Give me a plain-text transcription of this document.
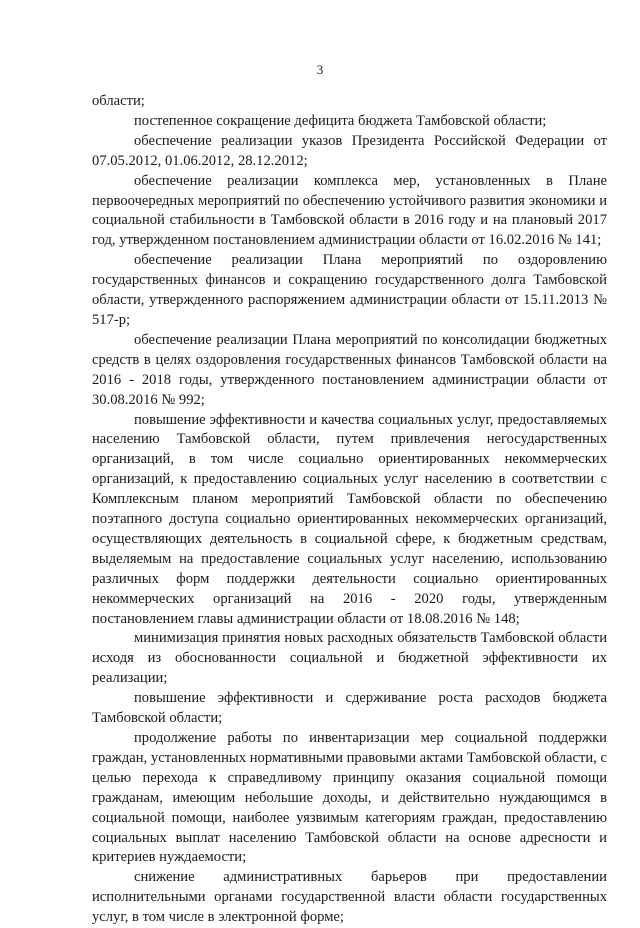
3

области;

постепенное сокращение дефицита бюджета Тамбовской области;

обеспечение реализации указов Президента Российской Федерации от 07.05.2012, 01.06.2012, 28.12.2012;

обеспечение реализации комплекса мер, установленных в Плане первоочередных мероприятий по обеспечению устойчивого развития экономики и социальной стабильности в Тамбовской области в 2016 году и на плановый 2017 год, утвержденном постановлением администрации области от 16.02.2016 № 141;

обеспечение реализации Плана мероприятий по оздоровлению государственных финансов и сокращению государственного долга Тамбовской области, утвержденного распоряжением администрации области от 15.11.2013 № 517-р;

обеспечение реализации Плана мероприятий по консолидации бюджетных средств в целях оздоровления государственных финансов Тамбовской области на 2016 - 2018 годы, утвержденного постановлением администрации области от 30.08.2016 № 992;

повышение эффективности и качества социальных услуг, предоставляемых населению Тамбовской области, путем привлечения негосударственных организаций, в том числе социально ориентированных некоммерческих организаций, к предоставлению социальных услуг населению в соответствии с Комплексным планом мероприятий Тамбовской области по обеспечению поэтапного доступа социально ориентированных некоммерческих организаций, осуществляющих деятельность в социальной сфере, к бюджетным средствам, выделяемым на предоставление социальных услуг населению, использованию различных форм поддержки деятельности социально ориентированных некоммерческих организаций на 2016 - 2020 годы, утвержденным постановлением главы администрации области от 18.08.2016 № 148;

минимизация принятия новых расходных обязательств Тамбовской области исходя из обоснованности социальной и бюджетной эффективности их реализации;

повышение эффективности и сдерживание роста расходов бюджета Тамбовской области;

продолжение работы по инвентаризации мер социальной поддержки граждан, установленных нормативными правовыми актами Тамбовской области, с целью перехода к справедливому принципу оказания социальной помощи гражданам, имеющим небольшие доходы, и действительно нуждающимся в социальной помощи, наиболее уязвимым категориям граждан, предоставлению социальных выплат населению Тамбовской области на основе адресности и критериев нуждаемости;

снижение административных барьеров при предоставлении исполнительными органами государственной власти области государственных услуг, в том числе в электронной форме;
